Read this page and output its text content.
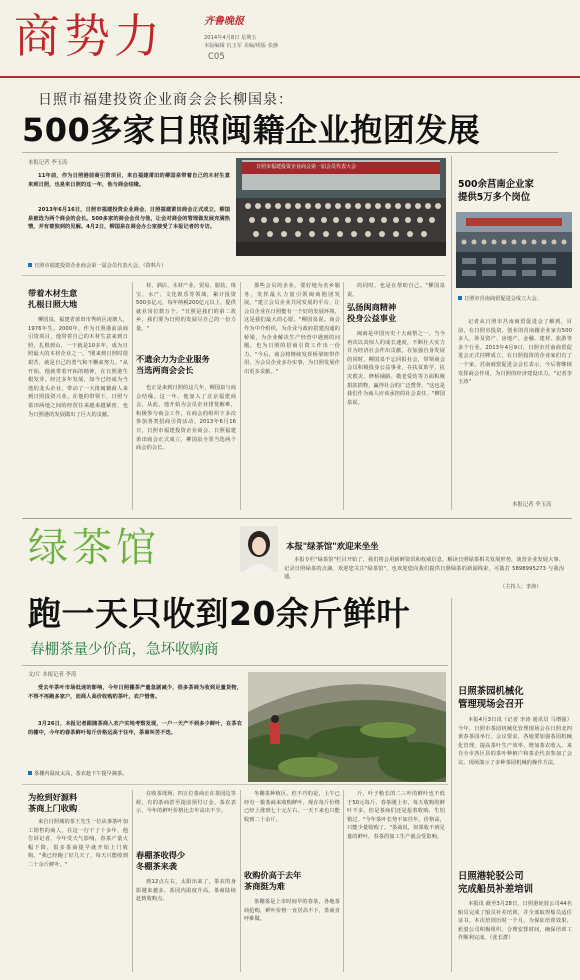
商势力	齐鲁晚报
2014年4月8日 星期五
本版编辑 伉玉军 美编/组版 张静
C05
日照市福建投资企业商会会长柳国泉：
500多家日照闽籍企业抱团发展
本报记者 李玉涛
11年前，作为日照港前商引资项目，来自福建莆田的柳国泉带着自己的木材生意来到日照，也是来日照的这一年，他与商会结缘。
2013年6月16日，日照市福建投资企业商会、日照福建莆田商会正式成立，柳国泉被选为两个商会的会长。500多家的商会会员与他，让会对商会的管理做发展充满热情，并有着独到的见解。4月2日，柳国泉在商会办公室接受了本报记者的专访。
日照市福建投资企业商会第一届会员代表大会
日照市福建投资企业商会第一届会员代表大会。（资料片）
带着木材生意
扎根日照大地
柳国泉，福建省莆田市秀屿区凌塘人，1976年生。2000年，作为日照港前前商引资项目，他带着自己的木材生意来到日照，扎根到山，一干就是10多年，成为日照最大的木材企业之一。"刚来到日照时很艰苦，就是自己的勇气和不懈来努力。"从开始，他就带着开拓的精神，在日照港生根发芽。经过多年发展，如今已经成为当地的龙头企业，带动了一大批闽籍商人来到日照投资兴业。在他的带领下，日照与莆田两地之间的经贸往来越来越紧密，也为日照港的发展做出了巨大的贡献。
材、酒店、木材产业、贸易、服装、珠宝、水产、文化娱乐等领域，累计投资500多亿元，每年纳税200亿元以上，提供就业岗位数万个。"日照是我们的第二故乡，我们要为日照的发展尽自己的一份力量。"
不遗余力为企业服务
当选两商会会长
也正是来到日照的这几年，柳国泉与商会结缘。这一年，他加入了北京福建商会，从此，他开始为会员企业排忧解难，积极参与商会工作，在商会的组织下多次参加各类招商引资活动。2013年6月16日，日照市福建投资企业商会、日照福建莆田商会正式成立，柳国泉全票当选两个商会的会长。
那些会员的企业，要好地为名乡服务，发挥最大力量引领闽商抱团发展。"建立会员企业共同发展的平台，让会员企业在日照能有一个好的发展环境，这是我们最大的心愿。"柳国泉说。商会作为中介组织，为企业与政府搭建沟通的桥梁，为企业解决生产经营中遇到的问题，也为日照的招商引资工作出一份力。"今后，商会将继续发挥桥梁纽带作用，为会员企业多办实事，为日照发展作出更多贡献。"
的同时，也是在帮助自己。"柳国泉说。
弘扬闽商精神
投身公益事业
闽商是中国历史十大商帮之一，当今再次以其惊人的成长速度，不断壮大实力并为经济社会作出贡献。在加强自身发展的同时，柳国泉不忘回报社会，带领商会会员积极投身公益事业，在扶贫助学、抗灾救灾、修桥铺路、敬老爱幼等方面积极捐款捐物，赢得社会的广泛赞誉。"这也是我们作为商人应该承担的社会责任。"柳国泉说。
500余莒南企业家
提供5万多个岗位
日照市莒南商贸促进会成立大会。
记者从日照市莒南商贸促进会了解到，目前，在日照市投资、创业的莒南籍企业家有500多人，涉及资产、房地产、金融、建材、旅游等多个行业。2013年4月9日，日照市莒南商贸促进会正式挂牌成立，在日照投资的企业家们有了一个家，莒南商贸促进会会长表示，今后将继续发挥商会作用，为日照的经济建设出力。"记者李玉涛"
本报记者 李玉涛
绿茶馆	本报"绿茶馆"欢迎来坐坐
本报专栏"绿茶馆"栏目开始了，我们将会用新鲜资讯和权威信息，解读日照绿茶相关发展形势，谈营企业发展大事、记录日照绿茶的点滴。欢迎您关注"绿茶馆"，也欢迎您向我们提供日照绿茶的新闻线索，可拨打 5898995273 与我沟通。
（主持人：李涛）
跑一天只收到20余斤鲜叶
春棚茶量少价高，急坏收购商
文/片 本报记者 李涛
受去年茶叶市场低迷的影响，今年日照棚茶产量急剧减少，很多茶商为收到足量货物，不得不再跑多家户，而商人高价收购的茶叶，农户惜售。
3月26日，本报记者跟随茶商入农户实地考察发现，一户一天产不到多少鲜叶，在茶农的棚中，今年的春茶鲜叶每斤价格远高于往年，茶商叫苦不迭。
茶棚内温度太高，茶农趁下午提早摘茶。
为抢到好源料
茶商上门收购
来自日照城的茶王先生一位从事茶叶加工销售的商人，在这一行干了十多年，他告诉记者，今年受天气影响，春茶产量大幅下降，很多茶商提早就开始上门收购。"我已经跑了好几天了，每天只能收到二十余斤鲜叶。"
在收茶现场，四五位茶商正在茶园边等候，有的茶商甚至提前预付订金。茶农表示，今年的鲜叶价格比去年高出不少。
春棚茶收得少
冬棚茶来袭
到12点左右，太阳出来了，茶农的身影越来越多，茶园内温度升高，茶商陆续赶到收购点。
冬棚茶种植区。但不巧的是，上午已经有一拨茶商来收购鲜叶，现在每斤价格已经上涨到七十元左右，一天下来也只能收到二十余斤。
收购价高于去年
茶商挺为难
茶棚茶是上市时间早的春茶，各地茶商抢购，鲜叶价格一直居高不下，茶商直呼难做。
斤，叶子稍长的二三叶的鲜叶也不低于50元每斤。春茶刚上市，每天收购的鲜叶不多，但是茶商们还是抢着收购，生怕错过。"今年茶叶长势不如往年，价格高，只能少量收购了。"茶商说，如果收不到足量的鲜叶，春茶的加工生产就会受影响。
日照茶园机械化
管理现场会召开
本报4月3日讯（记者 李涛 通讯员 马增强）今年，日照市茶园机械化管理现场会在日照北四黄春茶园举行。会议要求，各地要加强茶园机械化管理，提高茶叶生产效率，增加茶农收入。来自全市各区县的茶叶种植户和茶企代表参加了会议。现场演示了多种茶园机械的操作方法。
日照港轮驳公司
完成船员补差培训
本报讯 截至3月28日，日照港轮驳公司44名船员完成了船员补差培训，并全部取得船员适任证书。本次培训历时一个月，为保证培训效果，轮驳公司积极组织，合理安排时间，确保培训工作顺利完成。（张长群）
